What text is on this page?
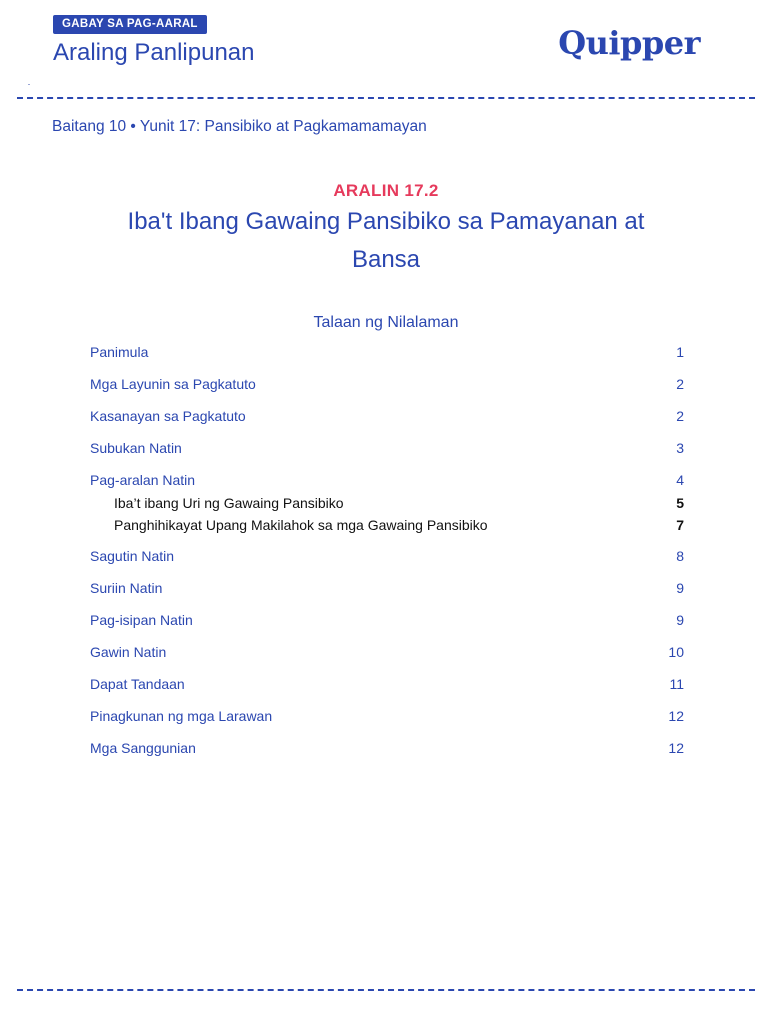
GABAY SA PAG-AARAL
Araling Panlipunan	Quipper
Baitang 10 • Yunit 17: Pansibiko at Pagkamamamayan
ARALIN 17.2
Iba't Ibang Gawaing Pansibiko sa Pamayanan at Bansa
Talaan ng Nilalaman
Panimula	1
Mga Layunin sa Pagkatuto	2
Kasanayan sa Pagkatuto	2
Subukan Natin	3
Pag-aralan Natin	4
Iba’t ibang Uri ng Gawaing Pansibiko	5
Panghihikayat Upang Makilahok sa mga Gawaing Pansibiko	7
Sagutin Natin	8
Suriin Natin	9
Pag-isipan Natin	9
Gawin Natin	10
Dapat Tandaan	11
Pinagkunan ng mga Larawan	12
Mga Sanggunian	12
